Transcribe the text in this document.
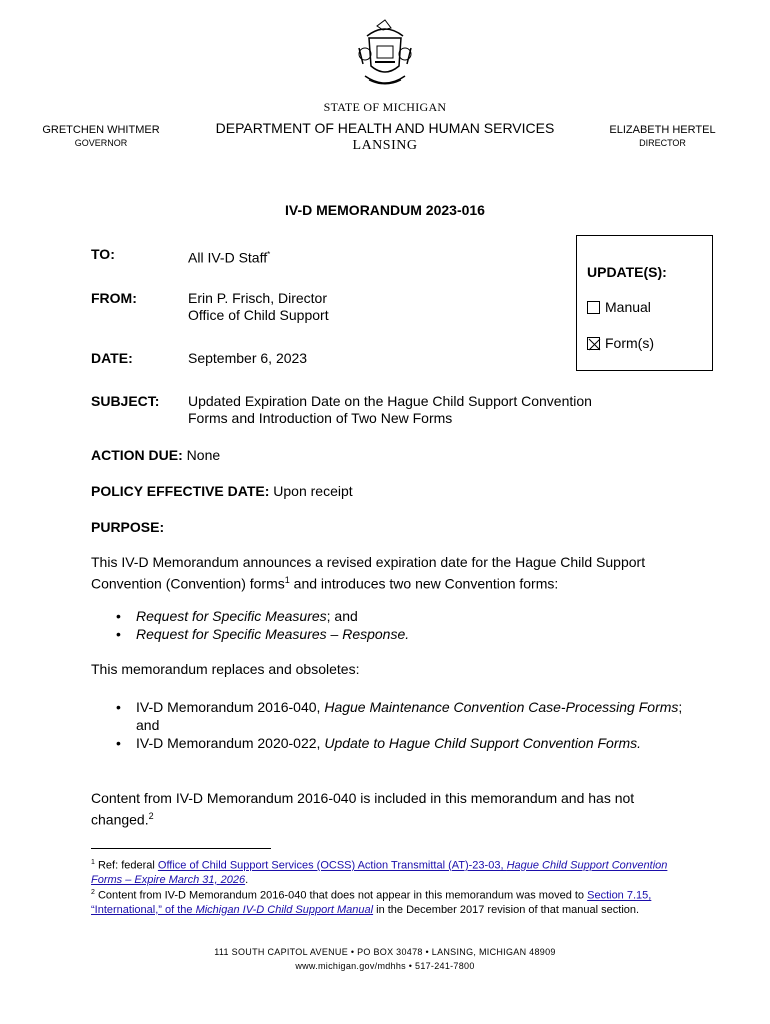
STATE OF MICHIGAN
DEPARTMENT OF HEALTH AND HUMAN SERVICES
LANSING
GRETCHEN WHITMER
GOVERNOR
ELIZABETH HERTEL
DIRECTOR
IV-D MEMORANDUM 2023-016
TO:	All IV-D Staff*
FROM:	Erin P. Frisch, Director
Office of Child Support
DATE:	September 6, 2023
SUBJECT: Updated Expiration Date on the Hague Child Support Convention
Forms and Introduction of Two New Forms
UPDATE(S):
Manual
Form(s)
ACTION DUE: None
POLICY EFFECTIVE DATE: Upon receipt
PURPOSE:
This IV-D Memorandum announces a revised expiration date for the Hague Child Support Convention (Convention) forms$^1$ and introduces two new Convention forms:
• Request for Specific Measures; and
• Request for Specific Measures – Response.
This memorandum replaces and obsoletes:
• IV-D Memorandum 2016-040, Hague Maintenance Convention Case-Processing Forms; and
• IV-D Memorandum 2020-022, Update to Hague Child Support Convention Forms.
Content from IV-D Memorandum 2016-040 is included in this memorandum and has not changed.$^2$
$^1$ Ref: federal Office of Child Support Services (OCSS) Action Transmittal (AT)-23-03, Hague Child Support Convention Forms – Expire March 31, 2026.
$^2$ Content from IV-D Memorandum 2016-040 that does not appear in this memorandum was moved to Section 7.15, “International,” of the Michigan IV-D Child Support Manual in the December 2017 revision of that manual section.
111 SOUTH CAPITOL AVENUE • PO BOX 30478 • LANSING, MICHIGAN 48909
www.michigan.gov/mdhhs • 517-241-7800
